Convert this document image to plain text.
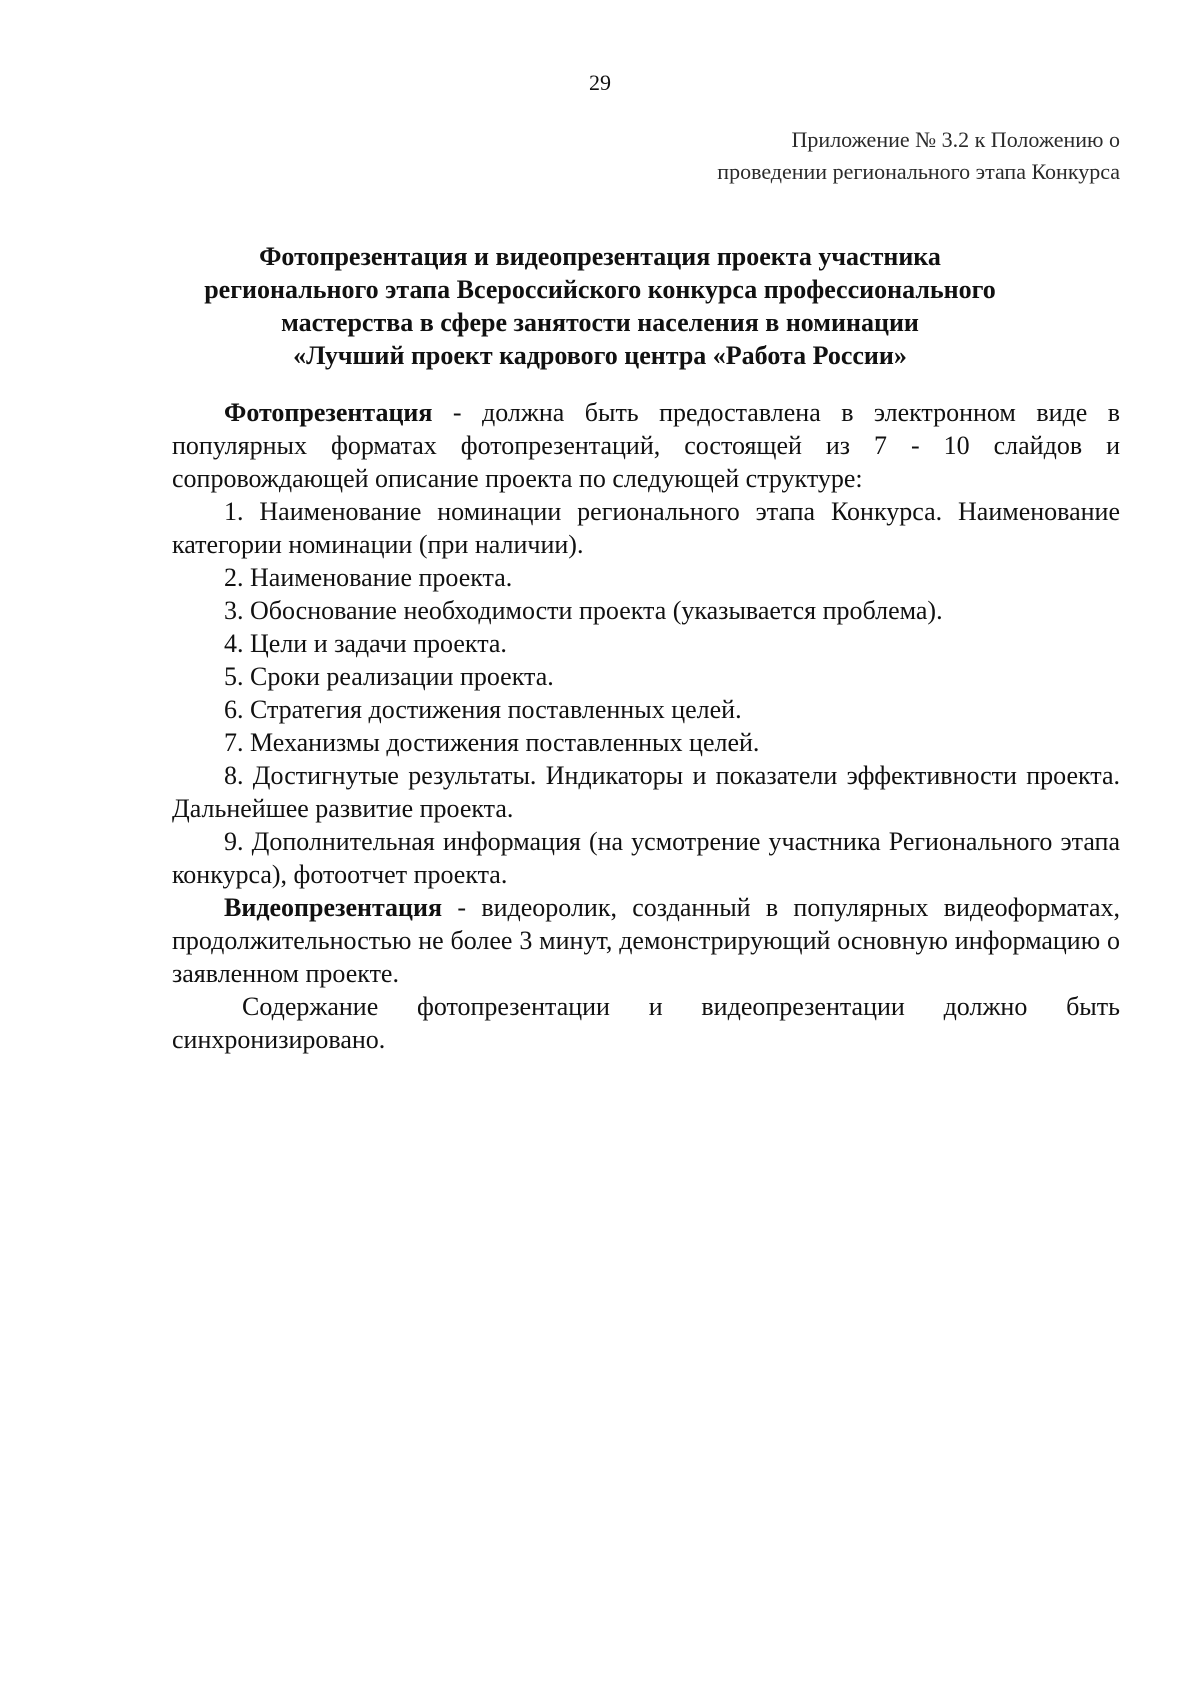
29
Приложение № 3.2 к Положению о
проведении регионального этапа Конкурса
Фотопрезентация и видеопрезентация проекта участника
регионального этапа Всероссийского конкурса профессионального
мастерства в сфере занятости населения в номинации
«Лучший проект кадрового центра «Работа России»

Фотопрезентация - должна быть предоставлена в электронном виде в популярных форматах фотопрезентаций, состоящей из 7 - 10 слайдов и сопровождающей описание проекта по следующей структуре:

1. Наименование номинации регионального этапа Конкурса. Наименование категории номинации (при наличии).

2. Наименование проекта.

3. Обоснование необходимости проекта (указывается проблема).

4. Цели и задачи проекта.

5. Сроки реализации проекта.

6. Стратегия достижения поставленных целей.

7. Механизмы достижения поставленных целей.

8. Достигнутые результаты. Индикаторы и показатели эффективности проекта. Дальнейшее развитие проекта.

9. Дополнительная информация (на усмотрение участника Регионального этапа конкурса), фотоотчет проекта.

Видеопрезентация - видеоролик, созданный в популярных видеоформатах, продолжительностью не более 3 минут, демонстрирующий основную информацию о заявленном проекте.

Содержание фотопрезентации и видеопрезентации должно быть синхронизировано.
